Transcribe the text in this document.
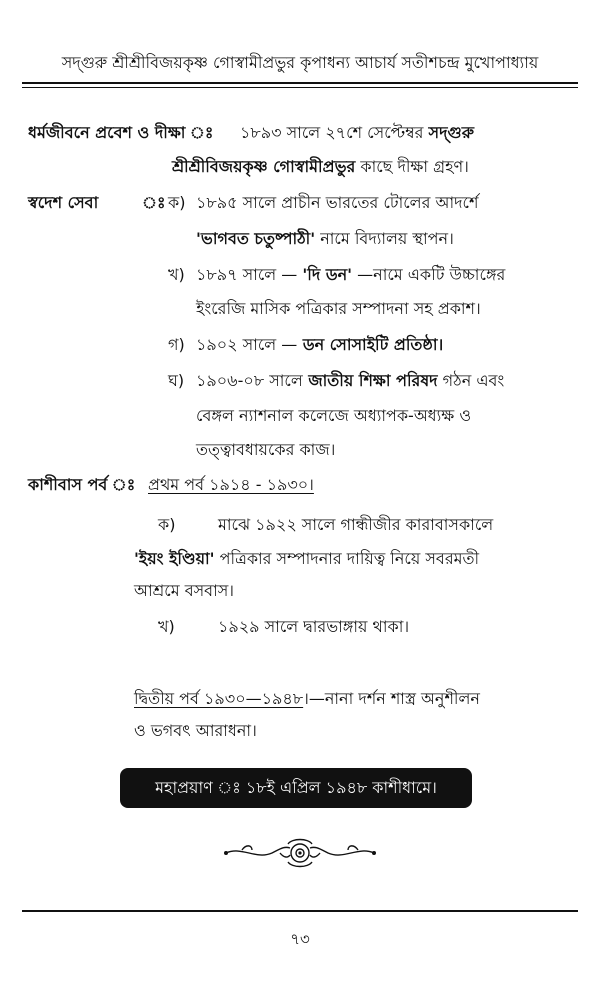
সদ্গুরু শ্রীশ্রীবিজয়কৃষ্ণ গোস্বামীপ্রভুর কৃপাধন্য আচার্য সতীশচন্দ্র মুখোপাধ্যায়
ধর্মজীবনে প্রবেশ ও দীক্ষা ঃ ১৮৯৩ সালে ২৭শে সেপ্টেম্বর সদ্গুরু
শ্রীশ্রীবিজয়কৃষ্ণ গোস্বামীপ্রভুর কাছে দীক্ষা গ্রহণ।
স্বদেশ সেবা	ঃ ক) ১৮৯৫ সালে প্রাচীন ভারতের টোলের আদর্শে
'ভাগবত চতুষ্পাঠী' নামে বিদ্যালয় স্থাপন।
খ) ১৮৯৭ সালে — 'দি ডন' —নামে একটি উচ্চাঙ্গের
ইংরেজি মাসিক পত্রিকার সম্পাদনা সহ প্রকাশ।
গ) ১৯০২ সালে — ডন সোসাইটি প্রতিষ্ঠা।
ঘ) ১৯০৬-০৮ সালে জাতীয় শিক্ষা পরিষদ গঠন এবং
বেঙ্গল ন্যাশনাল কলেজে অধ্যাপক-অধ্যক্ষ ও
তত্ত্বাবধায়কের কাজ।
কাশীবাস পর্ব ঃ প্রথম পর্ব ১৯১৪ - ১৯৩০।
ক)	মাঝে ১৯২২ সালে গান্ধীজীর কারাবাসকালে
'ইয়ং ইণ্ডিয়া' পত্রিকার সম্পাদনার দায়িত্ব নিয়ে সবরমতী
আশ্রমে বসবাস।
খ)	১৯২৯ সালে দ্বারভাঙ্গায় থাকা।
দ্বিতীয় পর্ব ১৯৩০—১৯৪৮।—নানা দর্শন শাস্ত্র অনুশীলন
ও ভগবৎ আরাধনা।
মহাপ্রয়াণ ঃ ১৮ই এপ্রিল ১৯৪৮ কাশীধামে।
৭৩
